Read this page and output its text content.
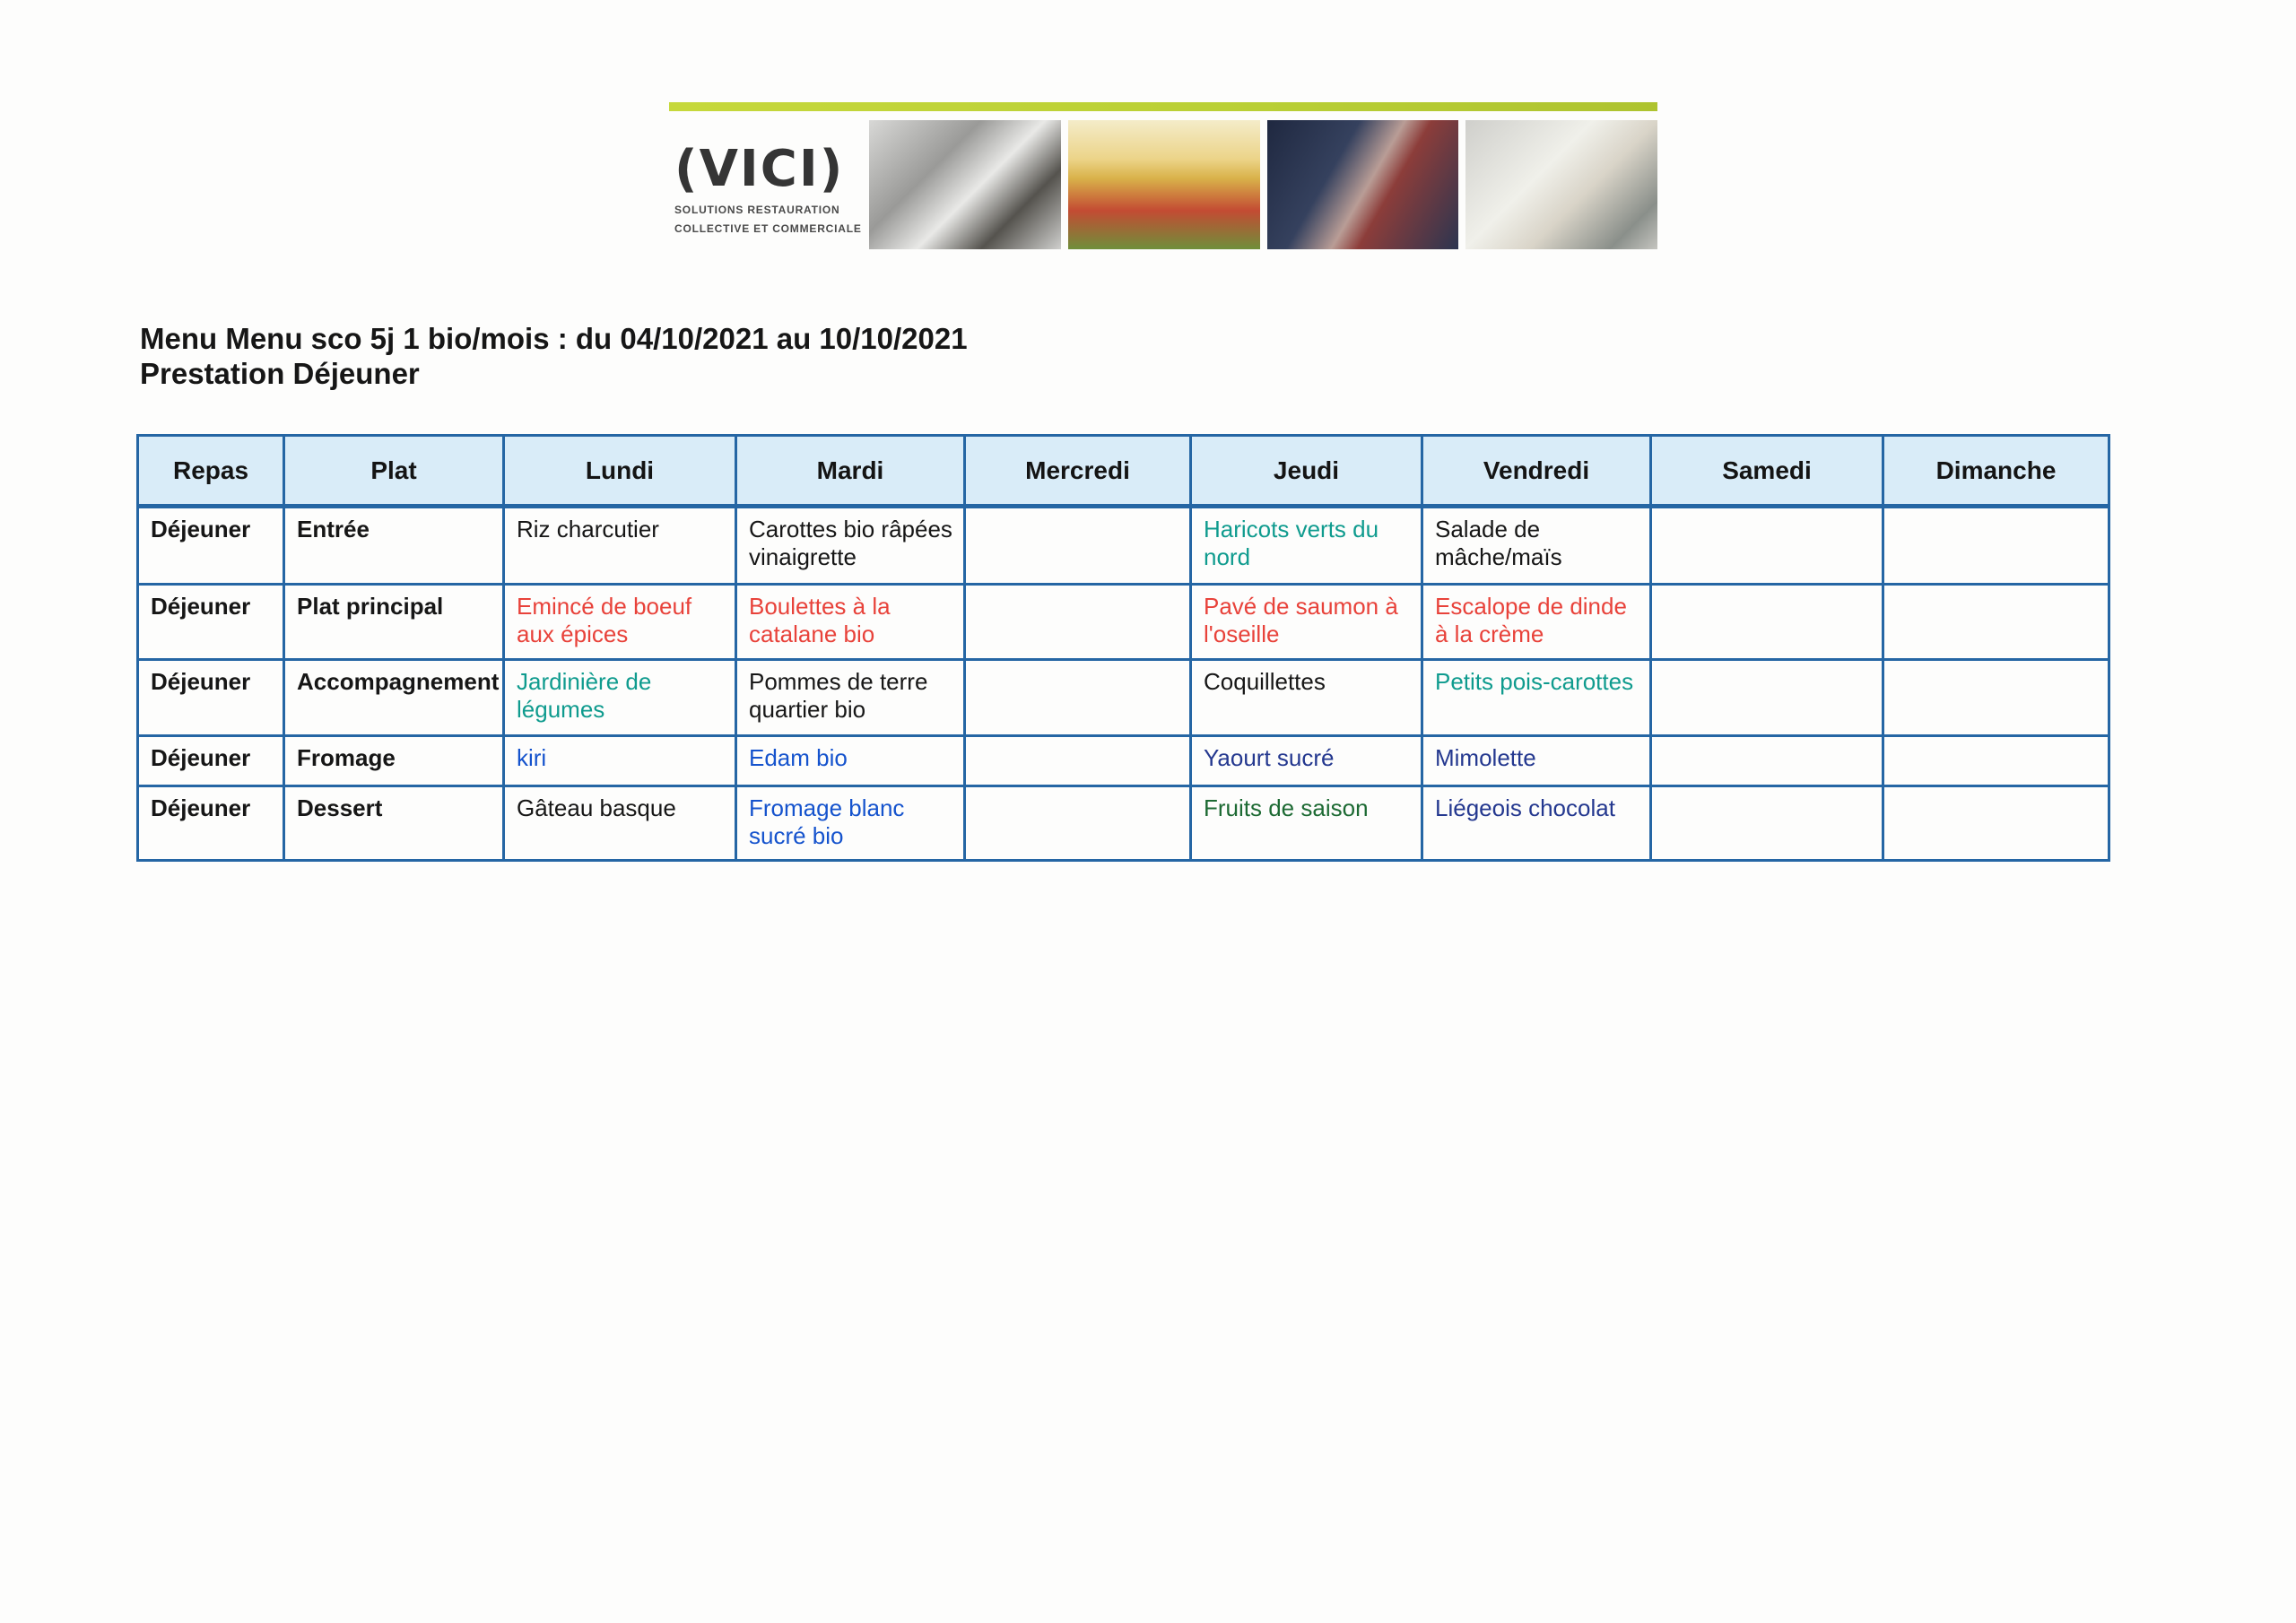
(VICI)
SOLUTIONS RESTAURATION
COLLECTIVE ET COMMERCIALE
Menu Menu sco 5j 1 bio/mois : du 04/10/2021 au 10/10/2021
Prestation Déjeuner
Repas	Plat	Lundi	Mardi	Mercredi	Jeudi	Vendredi	Samedi	Dimanche
Déjeuner	Entrée	Riz charcutier	Carottes bio râpées vinaigrette		Haricots verts du nord	Salade de mâche/maïs		
Déjeuner	Plat principal	Emincé de boeuf aux épices	Boulettes à la catalane bio		Pavé de saumon à l'oseille	Escalope de dinde à la crème		
Déjeuner	Accompagnement	Jardinière de légumes	Pommes de terre quartier bio		Coquillettes	Petits pois-carottes		
Déjeuner	Fromage	kiri	Edam bio		Yaourt sucré	Mimolette		
Déjeuner	Dessert	Gâteau basque	Fromage blanc sucré bio		Fruits de saison	Liégeois chocolat		
